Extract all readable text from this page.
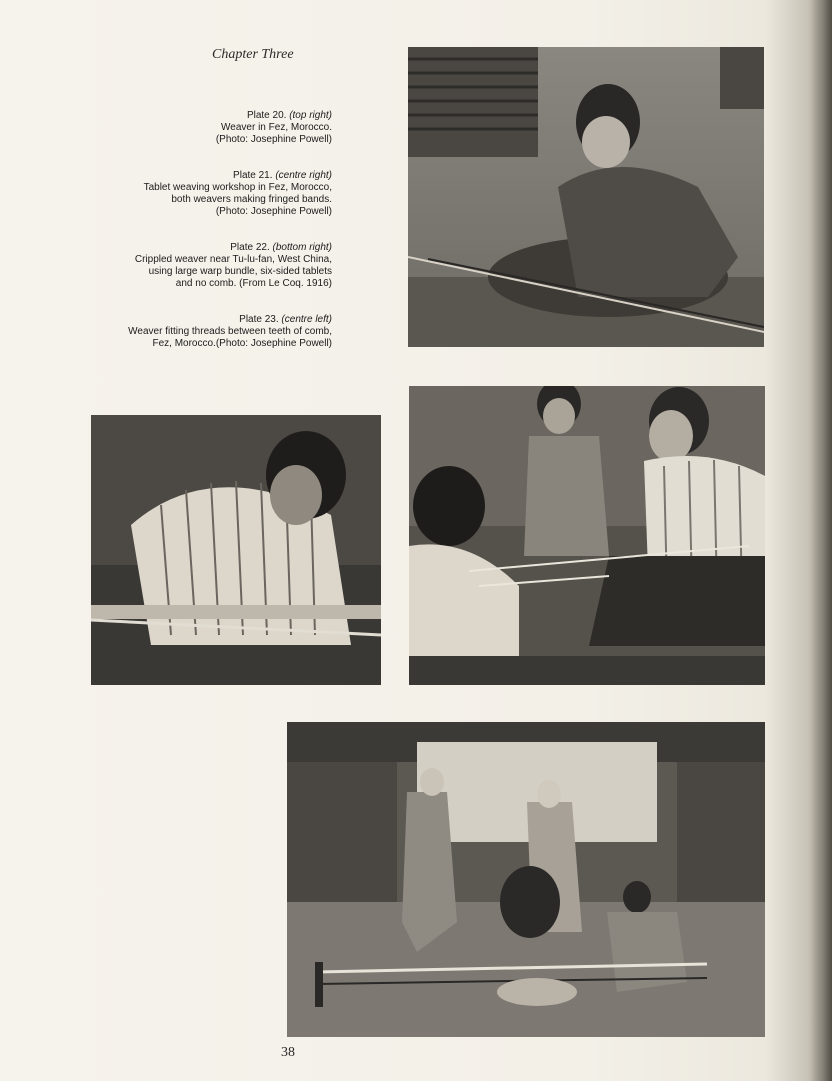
Chapter Three
Plate 20. (top right)
Weaver in Fez, Morocco.
(Photo: Josephine Powell)
Plate 21. (centre right)
Tablet weaving workshop in Fez, Morocco,
both weavers making fringed bands.
(Photo: Josephine Powell)
Plate 22. (bottom right)
Crippled weaver near Tu-lu-fan, West China,
using large warp bundle, six-sided tablets
and no comb. (From Le Coq. 1916)
Plate 23. (centre left)
Weaver fitting threads between teeth of comb,
Fez, Morocco.(Photo: Josephine Powell)
38
